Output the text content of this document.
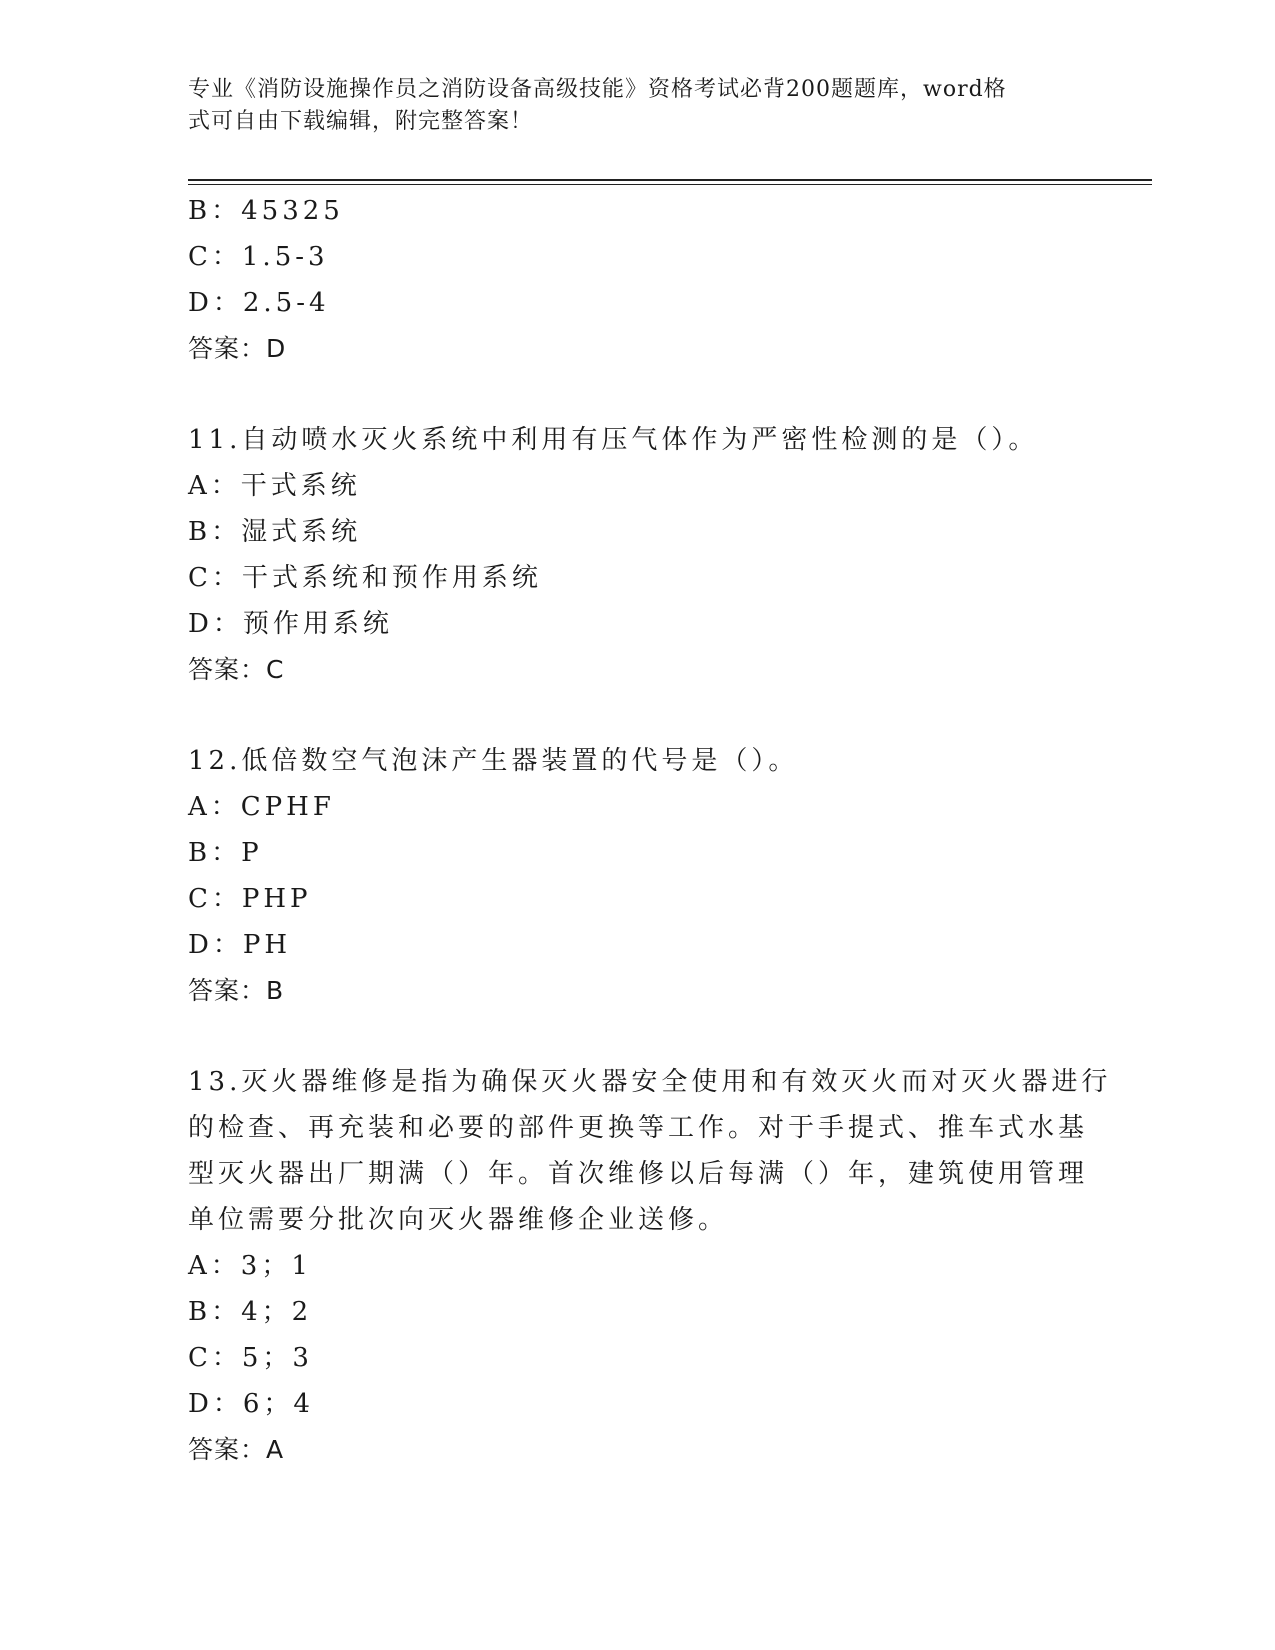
专业《消防设施操作员之消防设备高级技能》资格考试必背200题题库，word格
式可自由下载编辑，附完整答案！
B：45325
C：1.5-3
D：2.5-4
答案：D
11.自动喷水灭火系统中利用有压气体作为严密性检测的是（）。
A：干式系统
B：湿式系统
C：干式系统和预作用系统
D：预作用系统
答案：C
12.低倍数空气泡沫产生器装置的代号是（）。
A：CPHF
B：P
C：PHP
D：PH
答案：B
13.灭火器维修是指为确保灭火器安全使用和有效灭火而对灭火器进行
的检查、再充装和必要的部件更换等工作。对于手提式、推车式水基
型灭火器出厂期满（）年。首次维修以后每满（）年，建筑使用管理
单位需要分批次向灭火器维修企业送修。
A：3；1
B：4；2
C：5；3
D：6；4
答案：A
